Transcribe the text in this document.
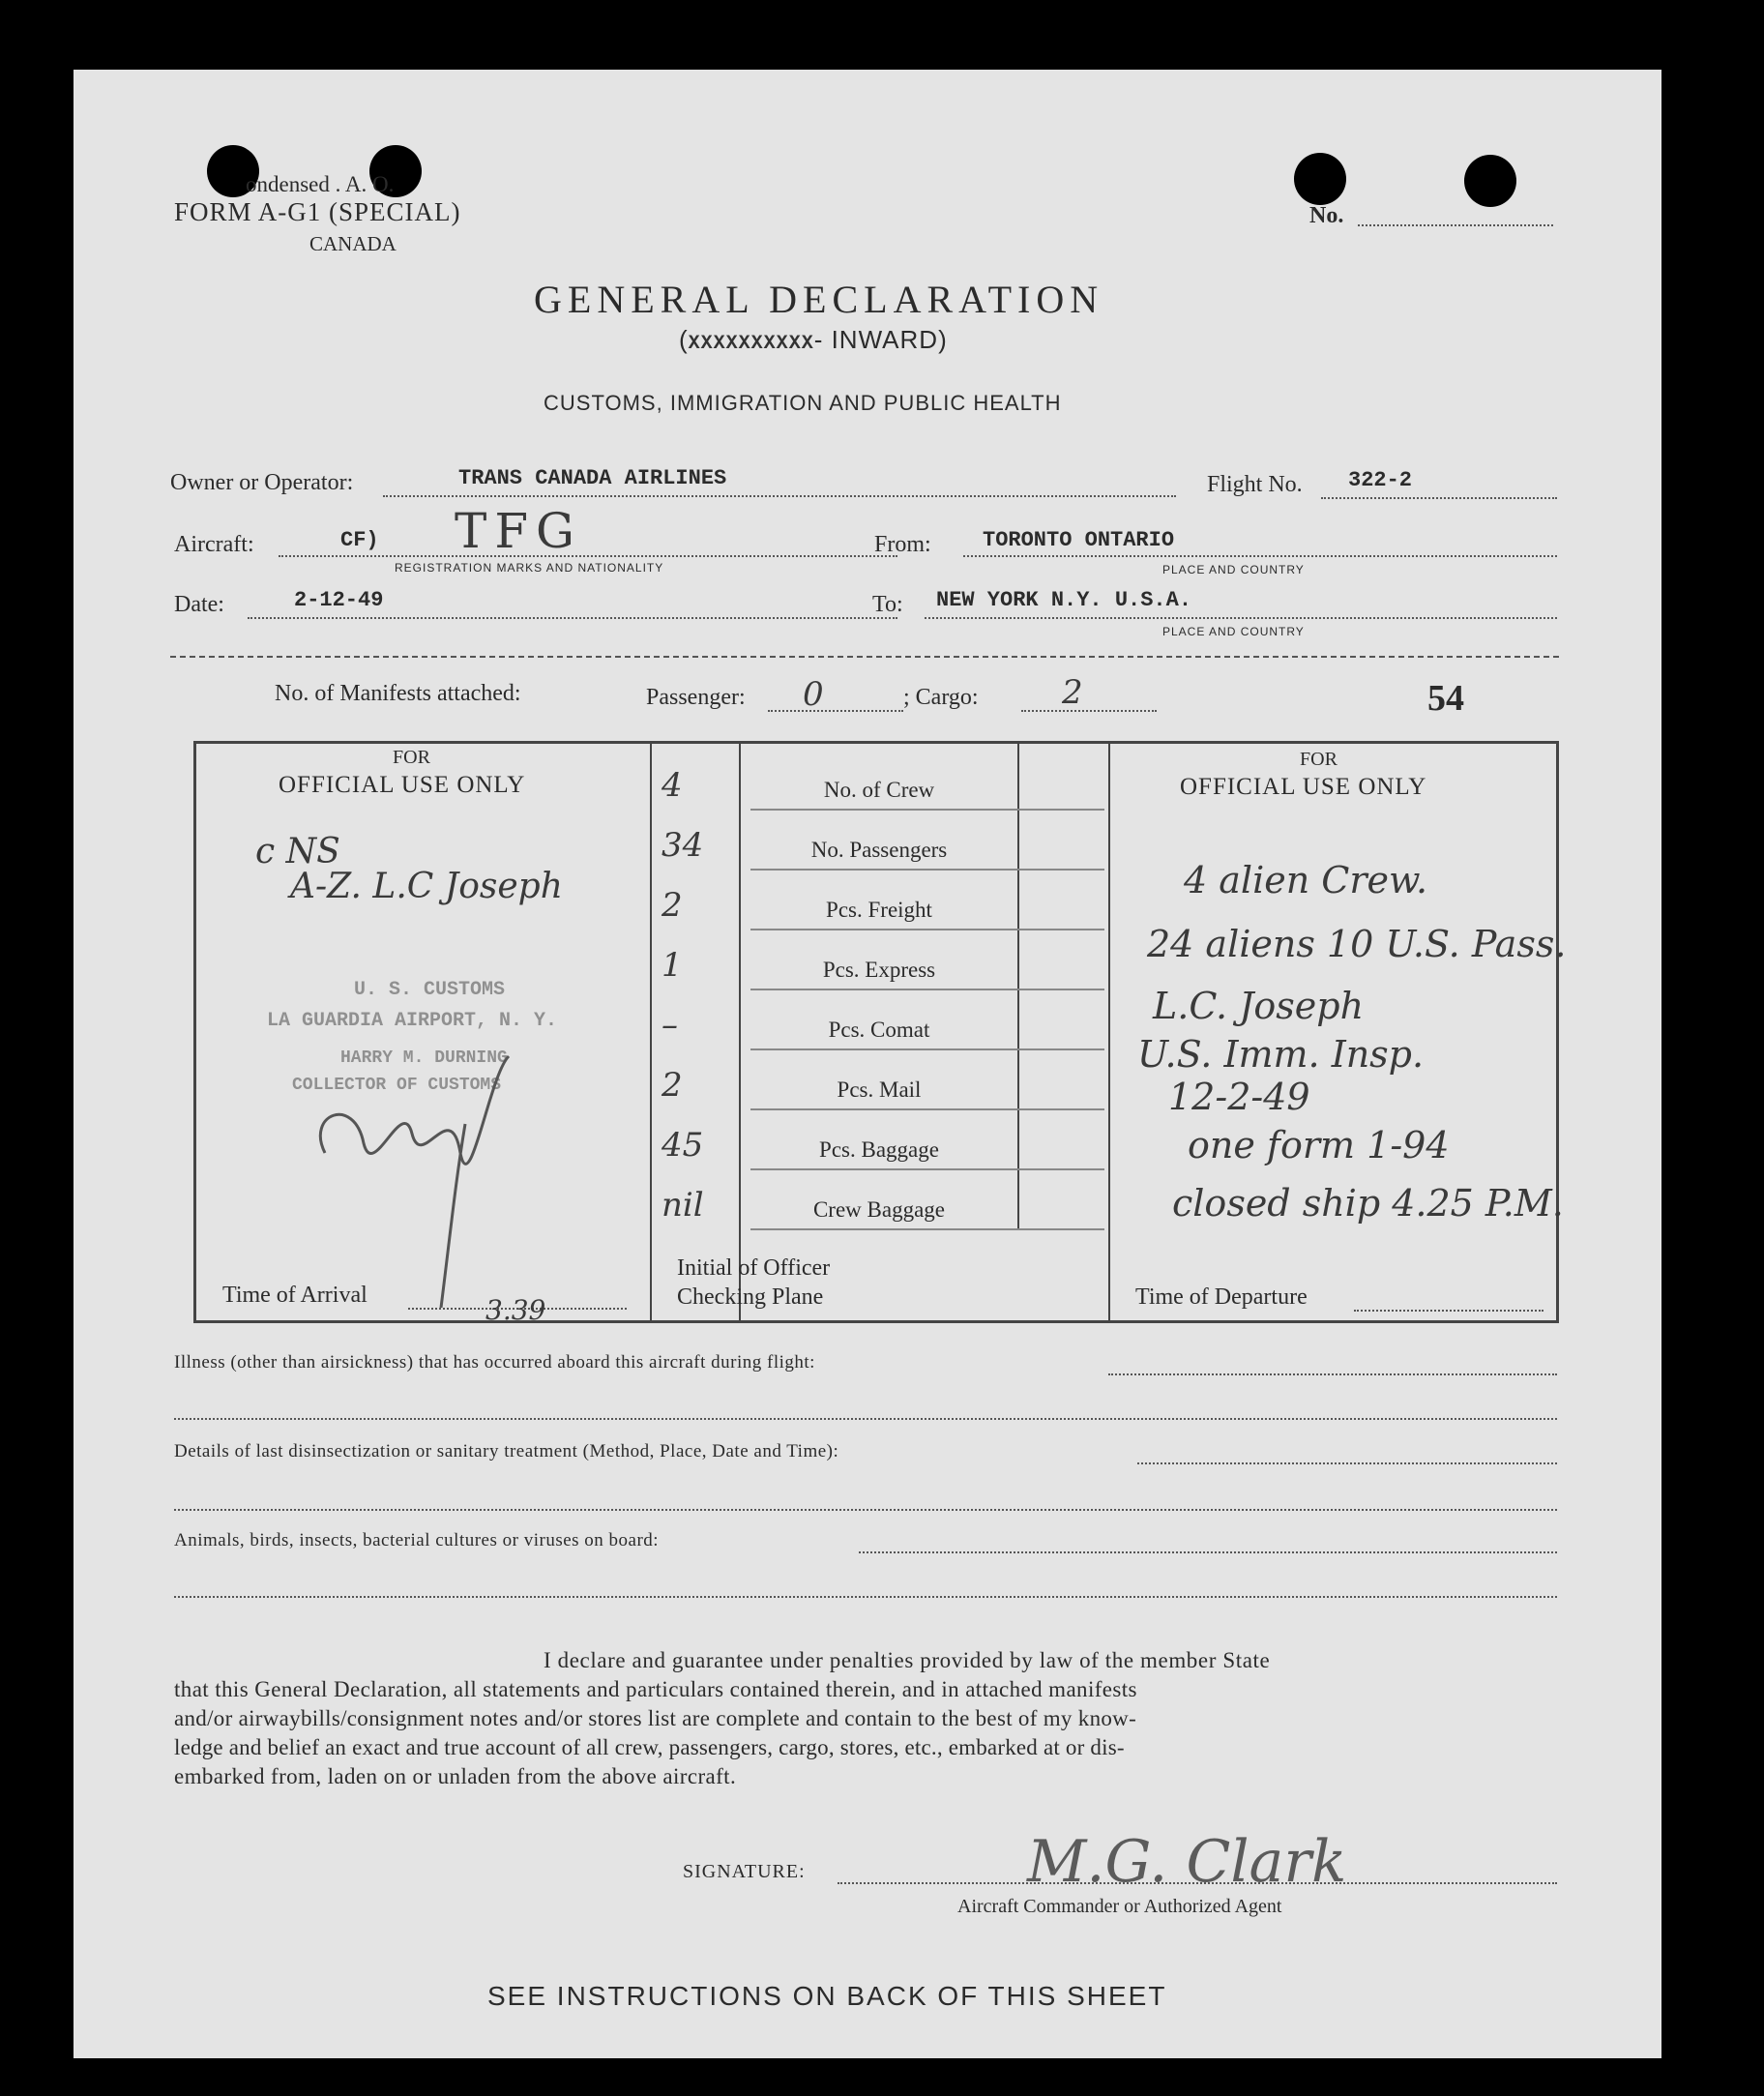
ondensed . A. O.
FORM A-G1 (SPECIAL)
CANADA
No.
GENERAL DECLARATION
(XXXXXXXXXX- INWARD)
CUSTOMS, IMMIGRATION AND PUBLIC HEALTH
Owner or Operator:	TRANS CANADA AIRLINES	Flight No. 322-2
Aircraft:	CF) TFG
REGISTRATION MARKS AND NATIONALITY
From: TORONTO ONTARIO
PLACE AND COUNTRY
Date:	2-12-49	To: NEW YORK N.Y. U.S.A.
PLACE AND COUNTRY
No. of Manifests attached:	Passenger: 0	; Cargo:	2	54
FOR
OFFICIAL USE ONLY
c NS
A-Z. L.C Joseph
U. S. CUSTOMS
LA GUARDIA AIRPORT, N. Y.
HARRY M. DURNING
COLLECTOR OF CUSTOMS
Time of Arrival	3.39
Initial of Officer
Checking Plane
FOR
OFFICIAL USE ONLY
4 alien Crew.
24 aliens 10 U.S. Pass.
L.C. Joseph
U.S. Imm. Insp.
12-2-49
one form 1-94
closed ship 4.25 P.M.
Time of Departure
Illness (other than airsickness) that has occurred aboard this aircraft during flight:
Details of last disinsectization or sanitary treatment (Method, Place, Date and Time):
Animals, birds, insects, bacterial cultures or viruses on board:
I declare and guarantee under penalties provided by law of the member State
that this General Declaration, all statements and particulars contained therein, and in attached manifests
and/or airwaybills/consignment notes and/or stores list are complete and contain to the best of my know-
ledge and belief an exact and true account of all crew, passengers, cargo, stores, etc., embarked at or dis-
embarked from, laden on or unladen from the above aircraft.
SIGNATURE:	M.G. Clark
Aircraft Commander or Authorized Agent
SEE INSTRUCTIONS ON BACK OF THIS SHEET
4	No. of Crew
34	No. Passengers
2	Pcs. Freight
1	Pcs. Express
–	Pcs. Comat
2	Pcs. Mail
45	Pcs. Baggage
nil	Crew Baggage
